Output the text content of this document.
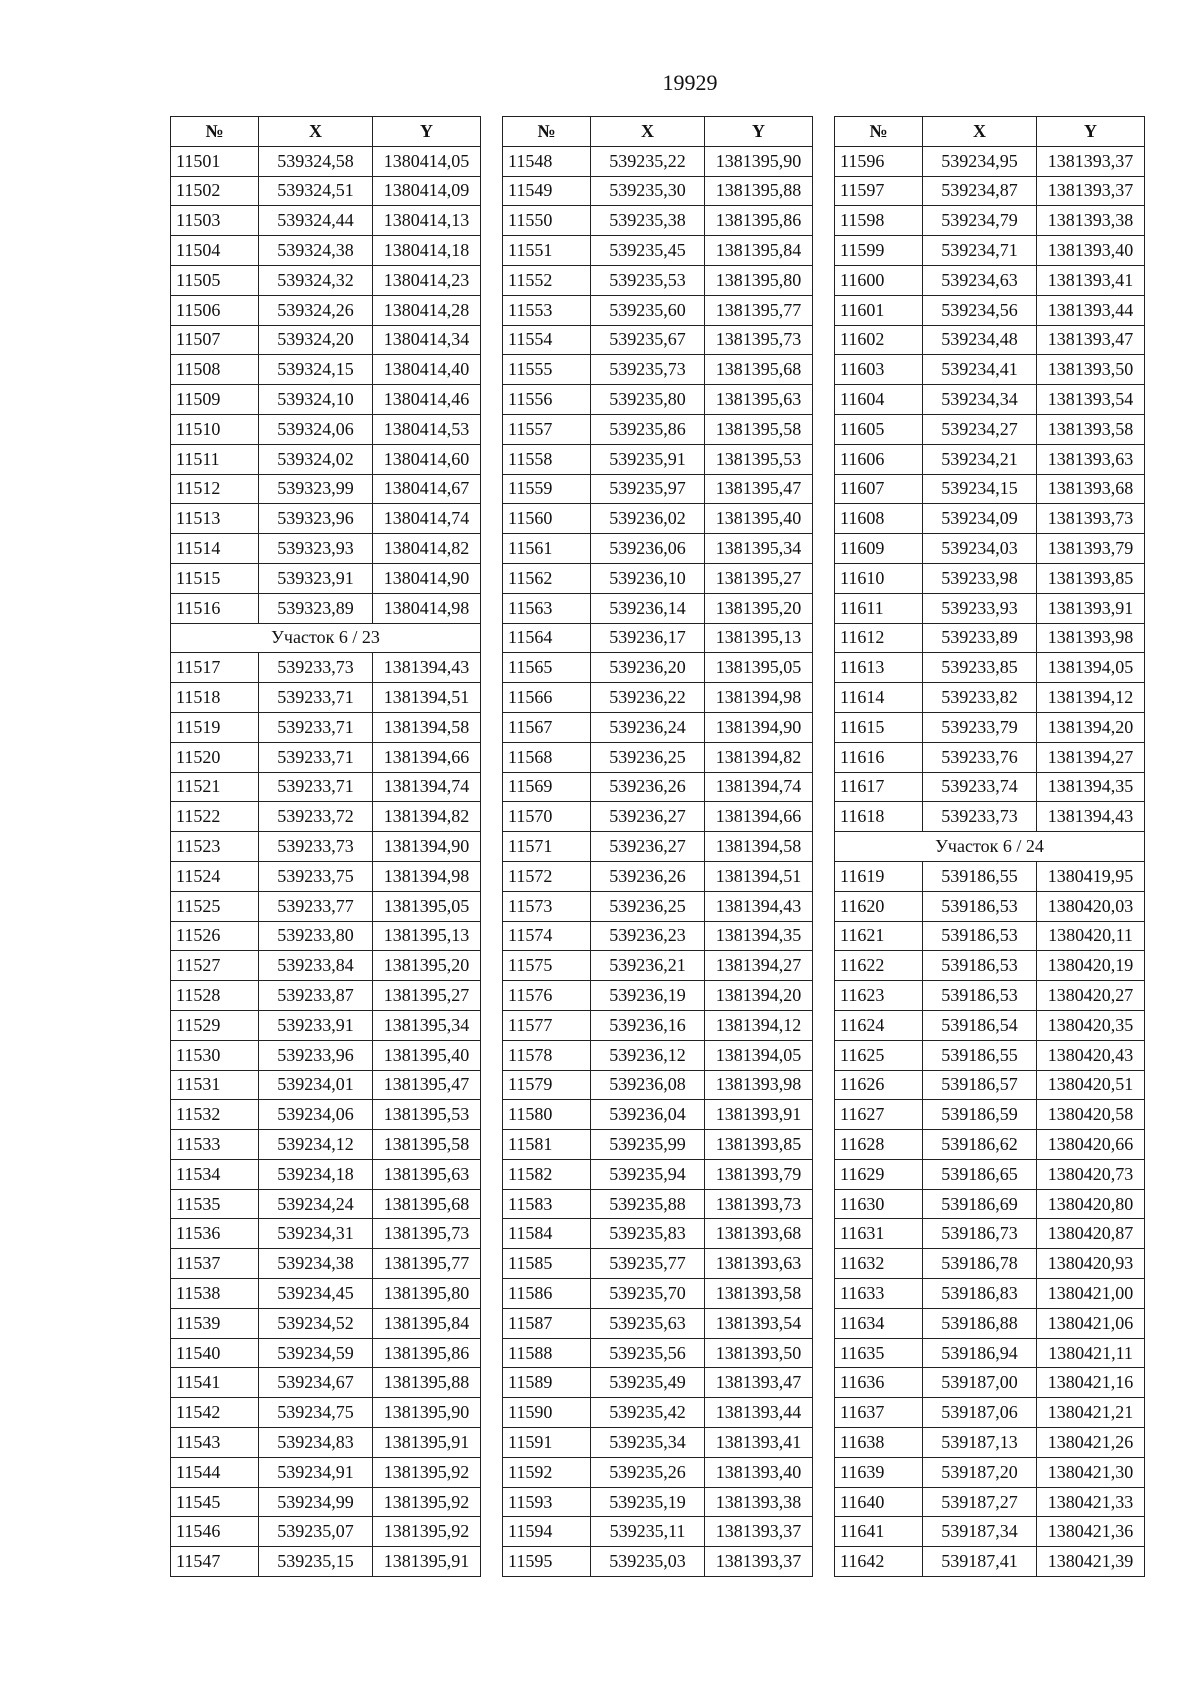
19929
№	X	Y
11501	539324,58	1380414,05
11502	539324,51	1380414,09
11503	539324,44	1380414,13
11504	539324,38	1380414,18
11505	539324,32	1380414,23
11506	539324,26	1380414,28
11507	539324,20	1380414,34
11508	539324,15	1380414,40
11509	539324,10	1380414,46
11510	539324,06	1380414,53
11511	539324,02	1380414,60
11512	539323,99	1380414,67
11513	539323,96	1380414,74
11514	539323,93	1380414,82
11515	539323,91	1380414,90
11516	539323,89	1380414,98
Участок 6 / 23		
11517	539233,73	1381394,43
11518	539233,71	1381394,51
11519	539233,71	1381394,58
11520	539233,71	1381394,66
11521	539233,71	1381394,74
11522	539233,72	1381394,82
11523	539233,73	1381394,90
11524	539233,75	1381394,98
11525	539233,77	1381395,05
11526	539233,80	1381395,13
11527	539233,84	1381395,20
11528	539233,87	1381395,27
11529	539233,91	1381395,34
11530	539233,96	1381395,40
11531	539234,01	1381395,47
11532	539234,06	1381395,53
11533	539234,12	1381395,58
11534	539234,18	1381395,63
11535	539234,24	1381395,68
11536	539234,31	1381395,73
11537	539234,38	1381395,77
11538	539234,45	1381395,80
11539	539234,52	1381395,84
11540	539234,59	1381395,86
11541	539234,67	1381395,88
11542	539234,75	1381395,90
11543	539234,83	1381395,91
11544	539234,91	1381395,92
11545	539234,99	1381395,92
11546	539235,07	1381395,92
11547	539235,15	1381395,91
№	X	Y
11548	539235,22	1381395,90
11549	539235,30	1381395,88
11550	539235,38	1381395,86
11551	539235,45	1381395,84
11552	539235,53	1381395,80
11553	539235,60	1381395,77
11554	539235,67	1381395,73
11555	539235,73	1381395,68
11556	539235,80	1381395,63
11557	539235,86	1381395,58
11558	539235,91	1381395,53
11559	539235,97	1381395,47
11560	539236,02	1381395,40
11561	539236,06	1381395,34
11562	539236,10	1381395,27
11563	539236,14	1381395,20
11564	539236,17	1381395,13
11565	539236,20	1381395,05
11566	539236,22	1381394,98
11567	539236,24	1381394,90
11568	539236,25	1381394,82
11569	539236,26	1381394,74
11570	539236,27	1381394,66
11571	539236,27	1381394,58
11572	539236,26	1381394,51
11573	539236,25	1381394,43
11574	539236,23	1381394,35
11575	539236,21	1381394,27
11576	539236,19	1381394,20
11577	539236,16	1381394,12
11578	539236,12	1381394,05
11579	539236,08	1381393,98
11580	539236,04	1381393,91
11581	539235,99	1381393,85
11582	539235,94	1381393,79
11583	539235,88	1381393,73
11584	539235,83	1381393,68
11585	539235,77	1381393,63
11586	539235,70	1381393,58
11587	539235,63	1381393,54
11588	539235,56	1381393,50
11589	539235,49	1381393,47
11590	539235,42	1381393,44
11591	539235,34	1381393,41
11592	539235,26	1381393,40
11593	539235,19	1381393,38
11594	539235,11	1381393,37
11595	539235,03	1381393,37
№	X	Y
11596	539234,95	1381393,37
11597	539234,87	1381393,37
11598	539234,79	1381393,38
11599	539234,71	1381393,40
11600	539234,63	1381393,41
11601	539234,56	1381393,44
11602	539234,48	1381393,47
11603	539234,41	1381393,50
11604	539234,34	1381393,54
11605	539234,27	1381393,58
11606	539234,21	1381393,63
11607	539234,15	1381393,68
11608	539234,09	1381393,73
11609	539234,03	1381393,79
11610	539233,98	1381393,85
11611	539233,93	1381393,91
11612	539233,89	1381393,98
11613	539233,85	1381394,05
11614	539233,82	1381394,12
11615	539233,79	1381394,20
11616	539233,76	1381394,27
11617	539233,74	1381394,35
11618	539233,73	1381394,43
Участок 6 / 24		
11619	539186,55	1380419,95
11620	539186,53	1380420,03
11621	539186,53	1380420,11
11622	539186,53	1380420,19
11623	539186,53	1380420,27
11624	539186,54	1380420,35
11625	539186,55	1380420,43
11626	539186,57	1380420,51
11627	539186,59	1380420,58
11628	539186,62	1380420,66
11629	539186,65	1380420,73
11630	539186,69	1380420,80
11631	539186,73	1380420,87
11632	539186,78	1380420,93
11633	539186,83	1380421,00
11634	539186,88	1380421,06
11635	539186,94	1380421,11
11636	539187,00	1380421,16
11637	539187,06	1380421,21
11638	539187,13	1380421,26
11639	539187,20	1380421,30
11640	539187,27	1380421,33
11641	539187,34	1380421,36
11642	539187,41	1380421,39
